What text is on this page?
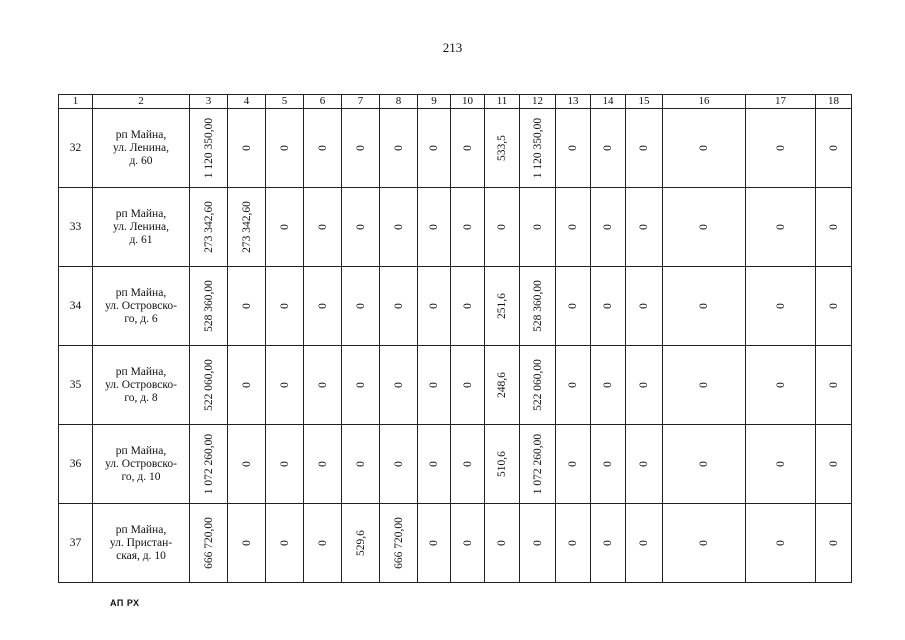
213
1	2	3	4	5	6	7	8	9	10	11	12	13	14	15	16	17	18
32	рп Майна,
ул. Ленина,
д. 60	1 120 350,00	0	0	0	0	0	0	0	533,5	1 120 350,00	0	0	0	0	0	0

33	рп Майна,
ул. Ленина,
д. 61	273 342,60	273 342,60	0	0	0	0	0	0	0	0	0	0	0	0	0	0

34	рп Майна,
ул. Островско-
го, д. 6	528 360,00	0	0	0	0	0	0	0	251,6	528 360,00	0	0	0	0	0	0

35	рп Майна,
ул. Островско-
го, д. 8	522 060,00	0	0	0	0	0	0	0	248,6	522 060,00	0	0	0	0	0	0

36	рп Майна,
ул. Островско-
го, д. 10	1 072 260,00	0	0	0	0	0	0	0	510,6	1 072 260,00	0	0	0	0	0	0

37	рп Майна,
ул. Пристан-
ская, д. 10	666 720,00	0	0	0	529,6	666 720,00	0	0	0	0	0	0	0	0	0	0
АП РХ
